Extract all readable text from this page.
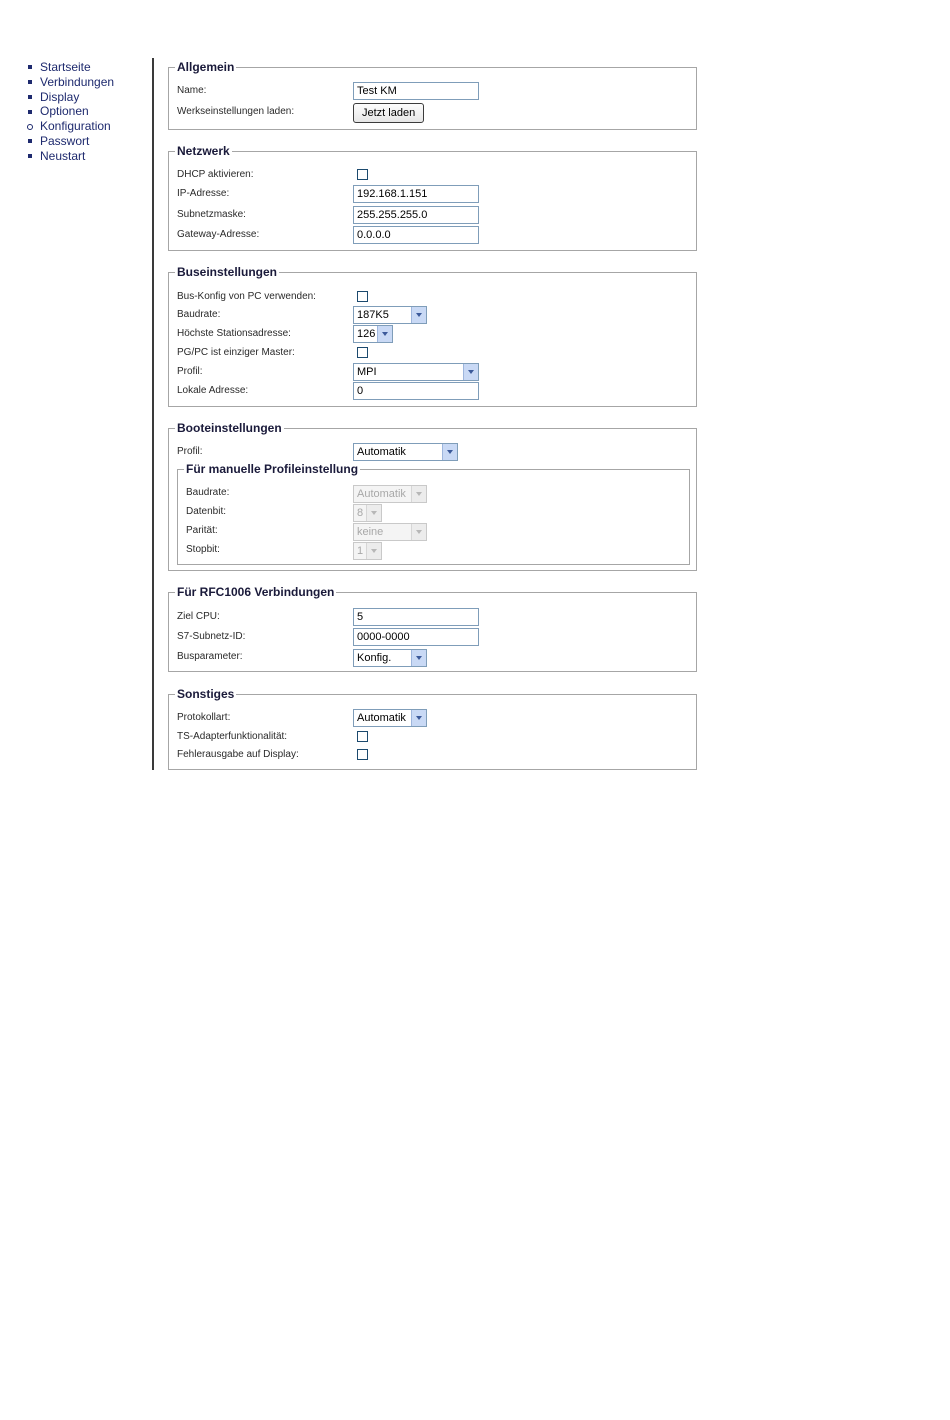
Startseite
Verbindungen
Display
Optionen
Konfiguration
Passwort
Neustart
Allgemein
Name:	Test KM
Werkseinstellungen laden:	Jetzt laden
Netzwerk
DHCP aktivieren:
IP-Adresse:	192.168.1.151
Subnetzmaske:	255.255.255.0
Gateway-Adresse:	0.0.0.0
Buseinstellungen
Bus-Konfig von PC verwenden:
Baudrate:	187K5
Höchste Stationsadresse:	126
PG/PC ist einziger Master:
Profil:	MPI
Lokale Adresse:	0
Booteinstellungen
Profil:	Automatik
Für manuelle Profileinstellung
Baudrate:	Automatik
Datenbit:	8
Parität:	keine
Stopbit:	1
Für RFC1006 Verbindungen
Ziel CPU:	5
S7-Subnetz-ID:	0000-0000
Busparameter:	Konfig.
Sonstiges
Protokollart:	Automatik
TS-Adapterfunktionalität:
Fehlerausgabe auf Display:
